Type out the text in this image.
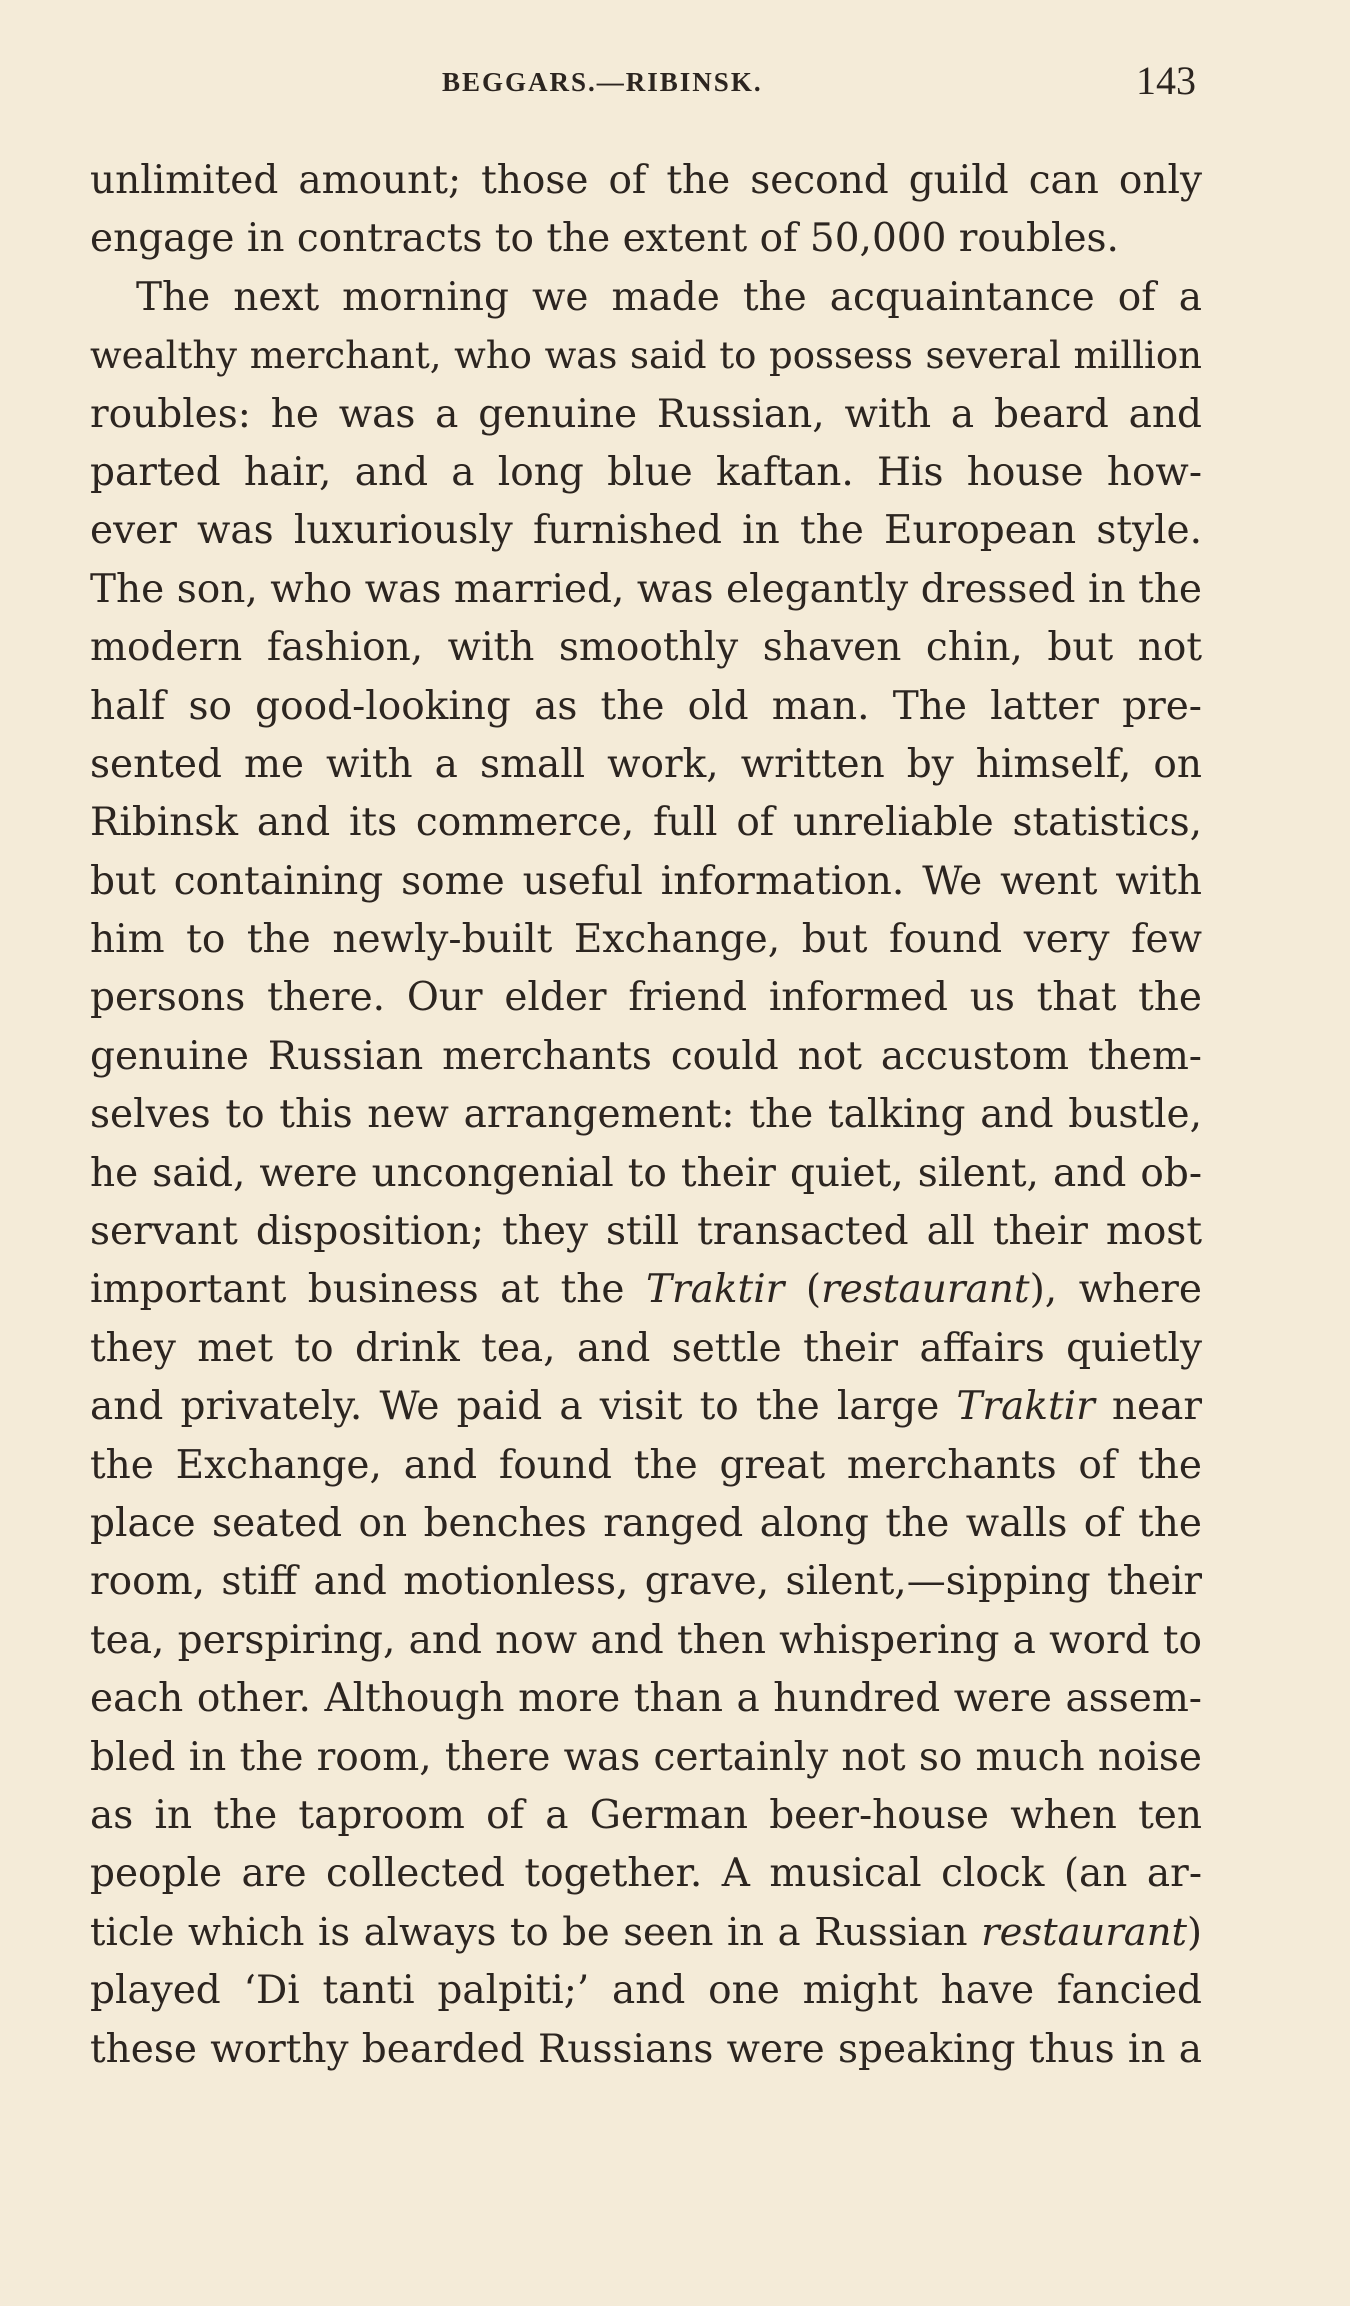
BEGGARS.—RIBINSK.	143
unlimited amount; those of the second guild can only
engage in contracts to the extent of 50,000 roubles.
The next morning we made the acquaintance of a
wealthy merchant, who was said to possess several million
roubles: he was a genuine Russian, with a beard and
parted hair, and a long blue kaftan. His house how-
ever was luxuriously furnished in the European style.
The son, who was married, was elegantly dressed in the
modern fashion, with smoothly shaven chin, but not
half so good-looking as the old man. The latter pre-
sented me with a small work, written by himself, on
Ribinsk and its commerce, full of unreliable statistics,
but containing some useful information. We went with
him to the newly-built Exchange, but found very few
persons there. Our elder friend informed us that the
genuine Russian merchants could not accustom them-
selves to this new arrangement: the talking and bustle,
he said, were uncongenial to their quiet, silent, and ob-
servant disposition; they still transacted all their most
important business at the Traktir (restaurant), where
they met to drink tea, and settle their affairs quietly
and privately. We paid a visit to the large Traktir near
the Exchange, and found the great merchants of the
place seated on benches ranged along the walls of the
room, stiff and motionless, grave, silent,—sipping their
tea, perspiring, and now and then whispering a word to
each other. Although more than a hundred were assem-
bled in the room, there was certainly not so much noise
as in the taproom of a German beer-house when ten
people are collected together. A musical clock (an ar-
ticle which is always to be seen in a Russian restaurant)
played ‘Di tanti palpiti;’ and one might have fancied
these worthy bearded Russians were speaking thus in a
